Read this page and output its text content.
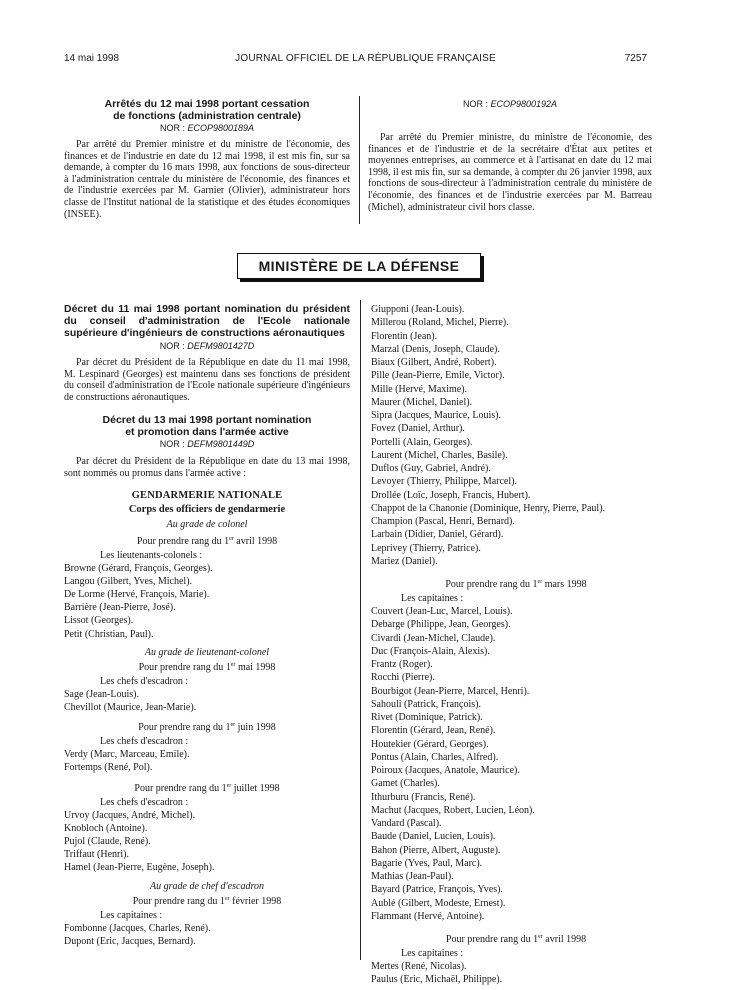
JOURNAL OFFICIEL DE LA RÉPUBLIQUE FRANÇAISE
14 mai 1998	7257

Arrêtés du 12 mai 1998 portant cessation

de fonctions (administration centrale)

NOR : ECOP9800189A

Par arrêté du Premier ministre et du ministre de l'économie, des finances et de l'industrie en date du 12 mai 1998, il est mis fin, sur sa demande, à compter du 16 mars 1998, aux fonctions de sous-directeur à l'administration centrale du ministère de l'économie, des finances et de l'industrie exercées par M. Garnier (Olivier), administrateur hors classe de l'Institut national de la statistique et des études économiques (INSEE).

NOR : ECOP9800192A

Par arrêté du Premier ministre, du ministre de l'économie, des finances et de l'industrie et de la secrétaire d'État aux petites et moyennes entreprises, au commerce et à l'artisanat en date du 12 mai 1998, il est mis fin, sur sa demande, à compter du 26 janvier 1998, aux fonctions de sous-directeur à l'administration centrale du ministère de l'économie, des finances et de l'industrie exercées par M. Barreau (Michel), administrateur civil hors classe.

MINISTÈRE DE LA DÉFENSE

Décret du 11 mai 1998 portant nomination du président du conseil d'administration de l'Ecole nationale supérieure d'ingénieurs de constructions aéronautiques

NOR : DEFM9801427D

Par décret du Président de la République en date du 11 mai 1998, M. Lespinard (Georges) est maintenu dans ses fonctions de président du conseil d'administration de l'Ecole nationale supérieure d'ingénieurs de constructions aéronautiques.

Décret du 13 mai 1998 portant nomination

et promotion dans l'armée active

NOR : DEFM9801449D

Par décret du Président de la République en date du 13 mai 1998, sont nommés ou promus dans l'armée active :

GENDARMERIE NATIONALE
Corps des officiers de gendarmerie
Au grade de colonel
Pour prendre rang du 1er avril 1998
Les lieutenants-colonels :
Browne (Gérard, François, Georges).
Langou (Gilbert, Yves, Michel).
De Lorme (Hervé, François, Marie).
Barrière (Jean-Pierre, José).
Lissot (Georges).
Petit (Christian, Paul).
Au grade de lieutenant-colonel
Pour prendre rang du 1er mai 1998
Les chefs d'escadron :
Sage (Jean-Louis).
Chevillot (Maurice, Jean-Marie).
Pour prendre rang du 1er juin 1998
Les chefs d'escadron :
Verdy (Marc, Marceau, Emile).
Fortemps (René, Pol).
Pour prendre rang du 1er juillet 1998
Les chefs d'escadron :
Urvoy (Jacques, André, Michel).
Knobloch (Antoine).
Pujol (Claude, René).
Triffaut (Henri).
Hamel (Jean-Pierre, Eugène, Joseph).
Au grade de chef d'escadron
Pour prendre rang du 1er février 1998
Les capitaines :
Fombonne (Jacques, Charles, René).
Dupont (Eric, Jacques, Bernard).
Giupponi (Jean-Louis).
Millerou (Roland, Michel, Pierre).
Florentin (Jean).
Marzal (Denis, Joseph, Claude).
Biaux (Gilbert, André, Robert).
Pille (Jean-Pierre, Emile, Victor).
Mille (Hervé, Maxime).
Maurer (Michel, Daniel).
Sipra (Jacques, Maurice, Louis).
Fovez (Daniel, Arthur).
Portelli (Alain, Georges).
Laurent (Michel, Charles, Basile).
Duflos (Guy, Gabriel, André).
Levoyer (Thierry, Philippe, Marcel).
Drollée (Loïc, Joseph, Francis, Hubert).
Chappot de la Chanonie (Dominique, Henry, Pierre, Paul).
Champion (Pascal, Henri, Bernard).
Larbain (Didier, Daniel, Gérard).
Leprivey (Thierry, Patrice).
Mariez (Daniel).
Pour prendre rang du 1er mars 1998
Les capitaines :
Couvert (Jean-Luc, Marcel, Louis).
Debarge (Philippe, Jean, Georges).
Civardi (Jean-Michel, Claude).
Duc (François-Alain, Alexis).
Frantz (Roger).
Rocchi (Pierre).
Bourbigot (Jean-Pierre, Marcel, Henri).
Sahouli (Patrick, François).
Rivet (Dominique, Patrick).
Florentin (Gérard, Jean, René).
Houtekier (Gérard, Georges).
Pontus (Alain, Charles, Alfred).
Poiroux (Jacques, Anatole, Maurice).
Gamet (Charles).
Ithurburu (Francis, René).
Machut (Jacques, Robert, Lucien, Léon).
Vandard (Pascal).
Baude (Daniel, Lucien, Louis).
Bahon (Pierre, Albert, Auguste).
Bagarie (Yves, Paul, Marc).
Mathias (Jean-Paul).
Bayard (Patrice, François, Yves).
Aublé (Gilbert, Modeste, Ernest).
Flammant (Hervé, Antoine).
Pour prendre rang du 1er avril 1998
Les capitaines :
Mertes (René, Nicolas).
Paulus (Eric, Michaël, Philippe).
